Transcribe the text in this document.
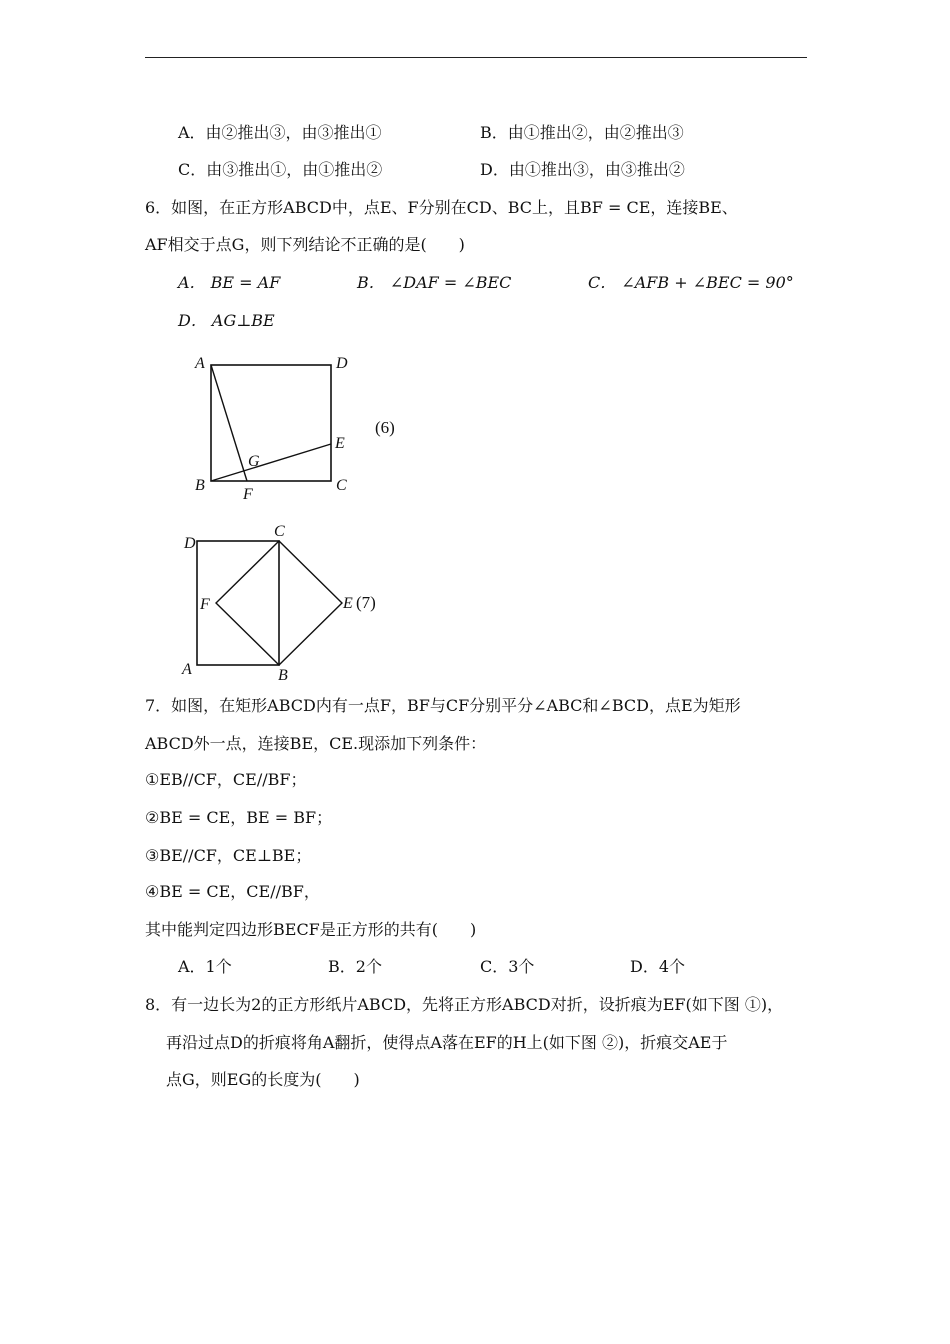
A．由②推出③，由③推出①	B．由①推出②，由②推出③
C．由③推出①，由①推出②	D．由①推出③，由③推出②
6．如图，在正方形ABCD中，点E、F分别在CD、BC上，且BF = CE，连接BE、
AF相交于点G，则下列结论不正确的是(　　)
A． BE = AF	B． ∠DAF = ∠BEC	C． ∠AFB + ∠BEC = 90°
D． AG⊥BE
A	D
B	C
E
F
G
(6)
D
C
F	E (7)
A	B
7．如图，在矩形ABCD内有一点F，BF与CF分别平分∠ABC和∠BCD，点E为矩形
ABCD外一点，连接BE，CE.现添加下列条件：
①EB//CF，CE//BF；
②BE = CE，BE = BF；
③BE//CF，CE⊥BE；
④BE = CE，CE//BF，
其中能判定四边形BECF是正方形的共有(　　)
A．1个	B．2个	C．3个	D．4个
8．有一边长为2的正方形纸片ABCD，先将正方形ABCD对折，设折痕为EF(如下图 ①)，
再沿过点D的折痕将角A翻折，使得点A落在EF的H上(如下图 ②)，折痕交AE于
点G，则EG的长度为(　　)
